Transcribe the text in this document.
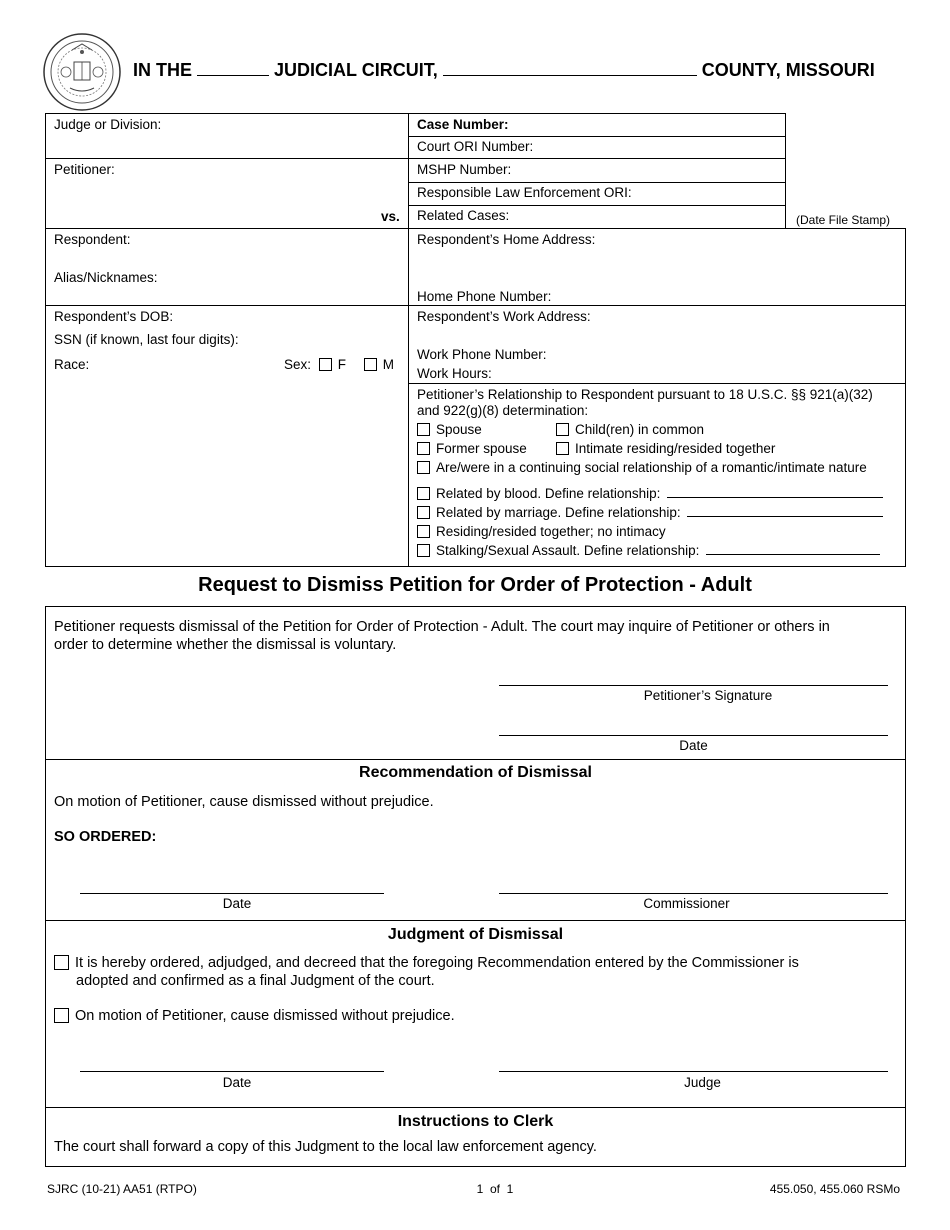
IN THE	JUDICIAL CIRCUIT,	COUNTY, MISSOURI
Judge or Division:
Petitioner:
vs.
Respondent:
Alias/Nicknames:
Respondent’s DOB:
SSN (if known, last four digits):
Race:	Sex: F	M
Case Number:
Court ORI Number:
MSHP Number:
Responsible Law Enforcement ORI:
Related Cases:	(Date File Stamp)
Respondent’s Home Address:
Home Phone Number:
Respondent’s Work Address:
Work Phone Number:
Work Hours:
Petitioner’s Relationship to Respondent pursuant to 18 U.S.C. §§ 921(a)(32)
and 922(g)(8) determination:
Spouse	Child(ren) in common
Former spouse	Intimate residing/resided together
Are/were in a continuing social relationship of a romantic/intimate nature
Related by blood. Define relationship:
Related by marriage. Define relationship:
Residing/resided together; no intimacy
Stalking/Sexual Assault. Define relationship:
Request to Dismiss Petition for Order of Protection - Adult
Petitioner requests dismissal of the Petition for Order of Protection - Adult. The court may inquire of Petitioner or others in
order to determine whether the dismissal is voluntary.
Petitioner’s Signature
Date
Recommendation of Dismissal
On motion of Petitioner, cause dismissed without prejudice.
SO ORDERED:
Date	Commissioner
Judgment of Dismissal
It is hereby ordered, adjudged, and decreed that the foregoing Recommendation entered by the Commissioner is
adopted and confirmed as a final Judgment of the court.
On motion of Petitioner, cause dismissed without prejudice.
Date	Judge
Instructions to Clerk
The court shall forward a copy of this Judgment to the local law enforcement agency.
SJRC (10-21) AA51 (RTPO)	1  of  1	455.050, 455.060 RSMo
